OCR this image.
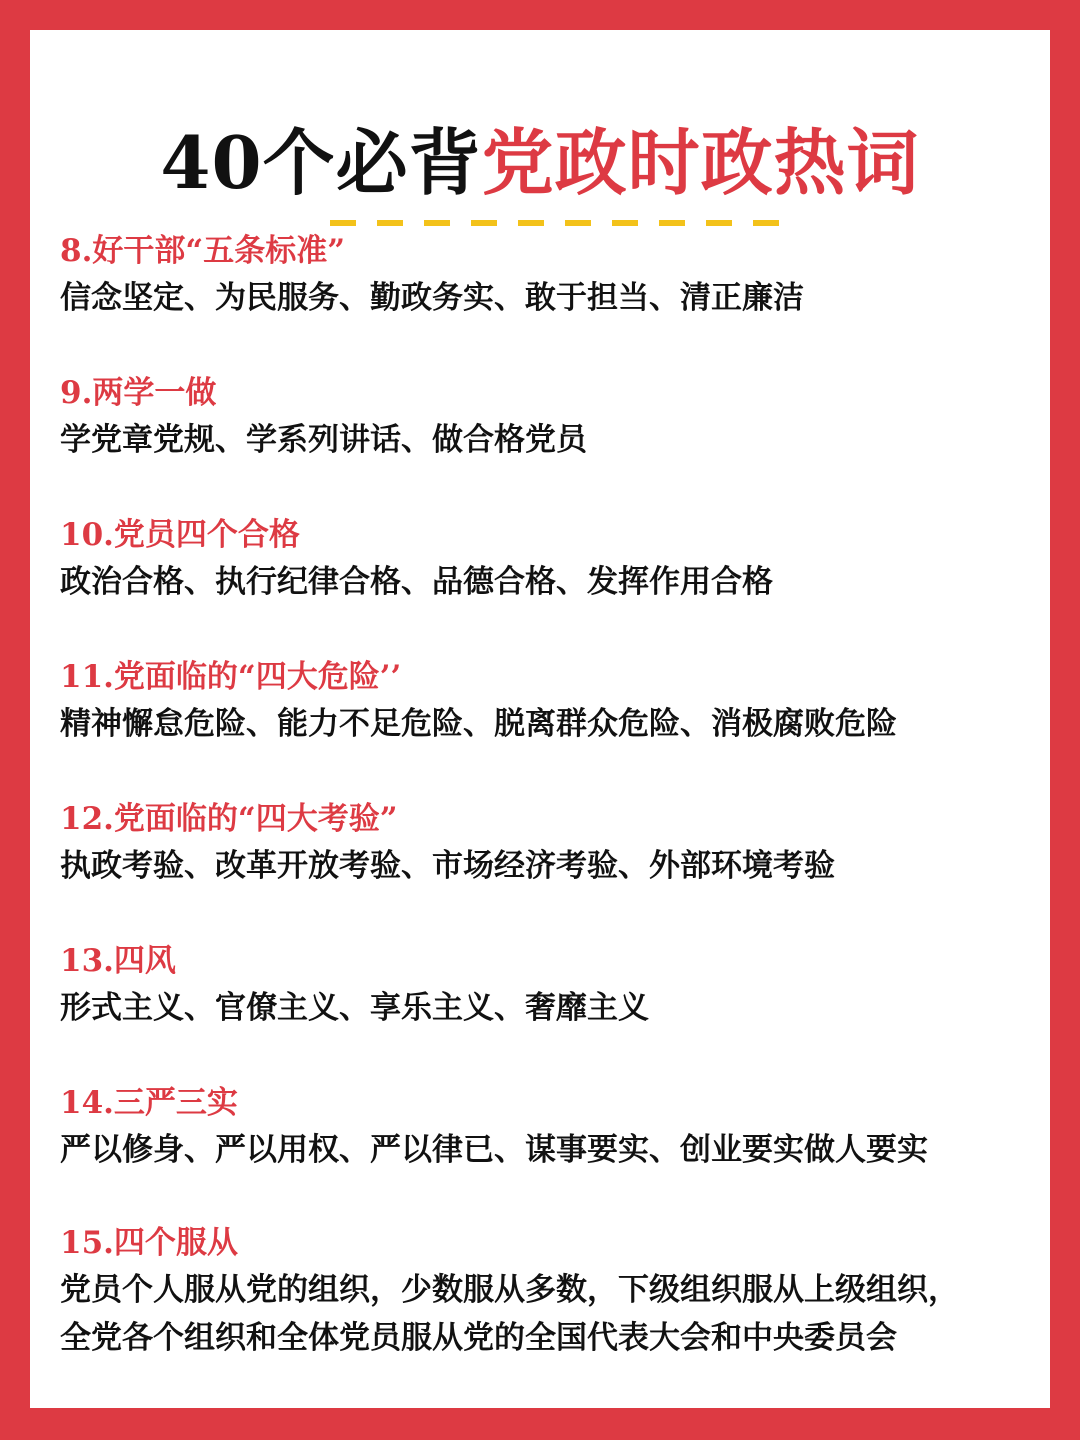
40个必背党政时政热词
8.好干部“五条标准”
信念坚定、为民服务、勤政务实、敢于担当、清正廉洁
9.两学一做
学党章党规、学系列讲话、做合格党员
10.党员四个合格
政治合格、执行纪律合格、品德合格、发挥作用合格
11.党面临的“四大危险’’
精神懈怠危险、能力不足危险、脱离群众危险、消极腐败危险
12.党面临的“四大考验”
执政考验、改革开放考验、市场经济考验、外部环境考验
13.四风
形式主义、官僚主义、享乐主义、奢靡主义
14.三严三实
严以修身、严以用权、严以律已、谋事要实、创业要实做人要实
15.四个服从
党员个人服从党的组织，少数服从多数，下级组织服从上级组织，
全党各个组织和全体党员服从党的全国代表大会和中央委员会
